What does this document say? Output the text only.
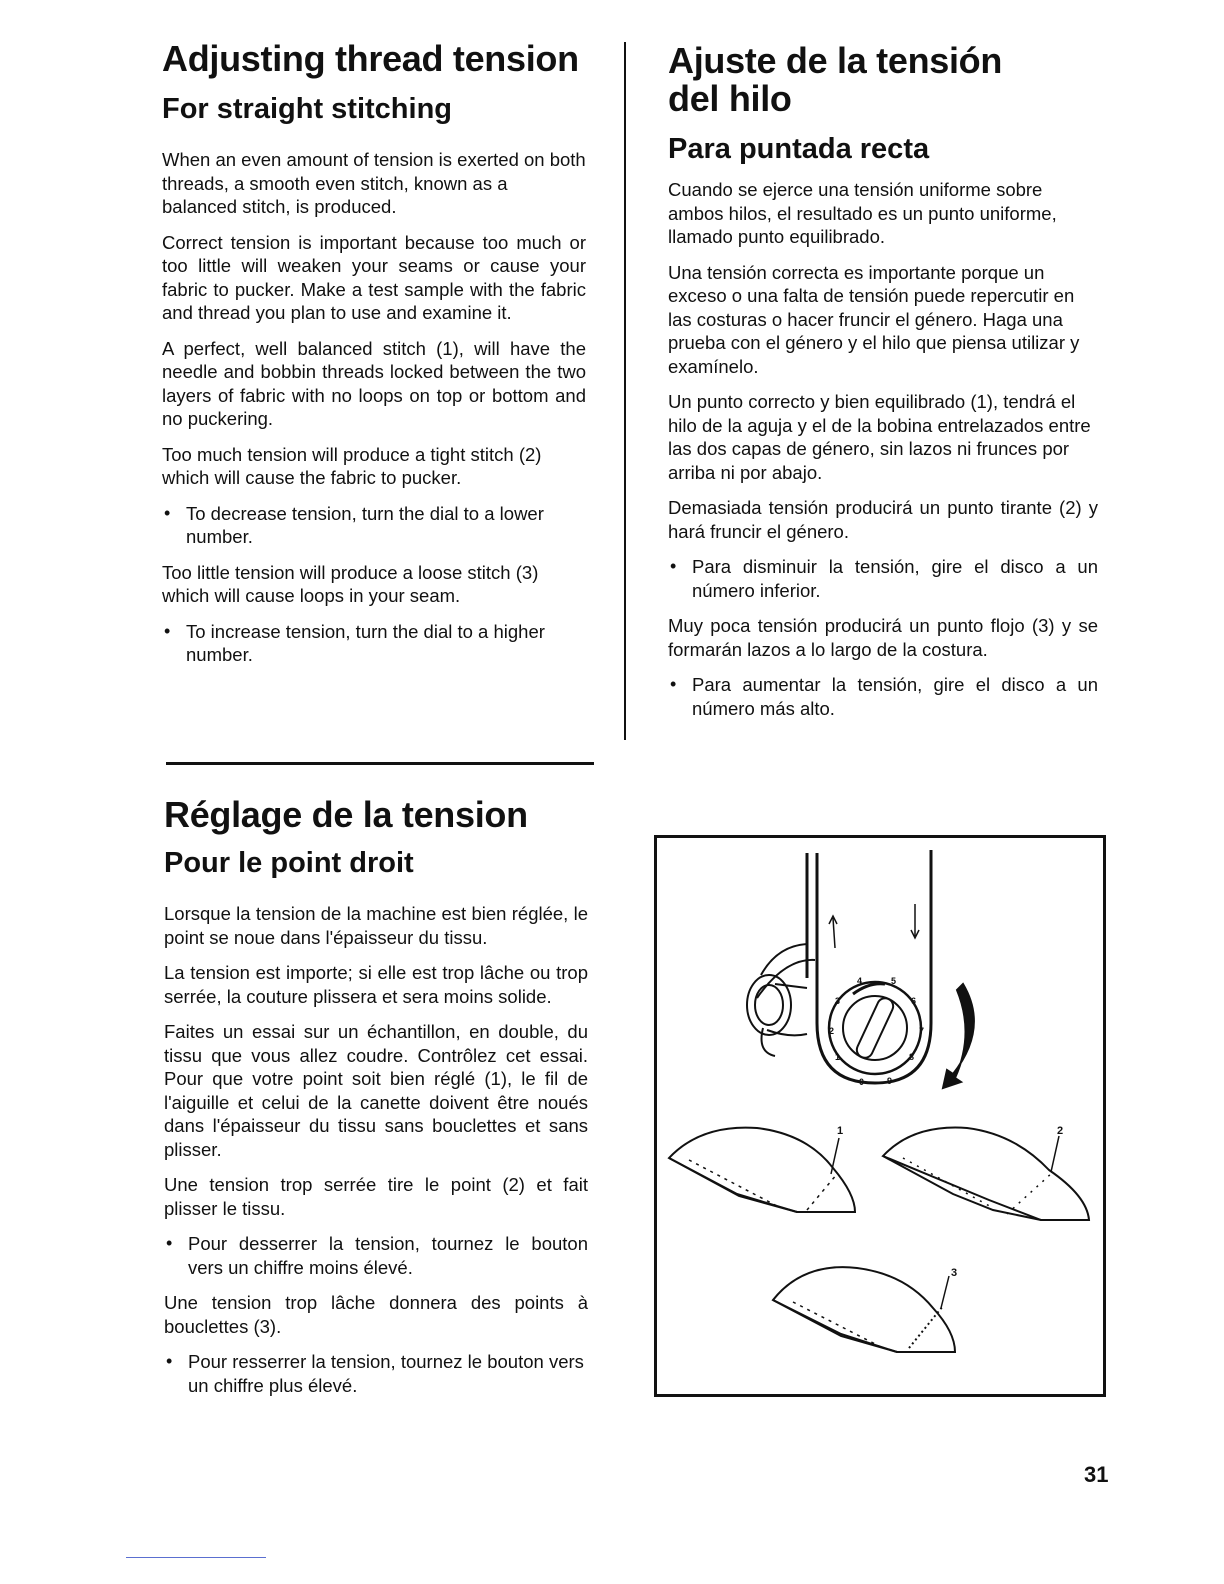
Adjusting thread tension
For straight stitching

When an even amount of tension is exerted on both threads, a smooth even stitch, known as a balanced stitch, is produced.

Correct tension is important because too much or too little will weaken your seams or cause your fabric to pucker. Make a test sample with the fabric and thread you plan to use and examine it.

A perfect, well balanced stitch (1), will have the needle and bobbin threads locked between the two layers of fabric with no loops on top or bottom and no puckering.

Too much tension will produce a tight stitch (2) which will cause the fabric to pucker.

• To decrease tension, turn the dial to a lower number.

Too little tension will produce a loose stitch (3) which will cause loops in your seam.

• To increase tension, turn the dial to a higher number.
Ajuste de la tensión
del hilo
Para puntada recta

Cuando se ejerce una tensión uniforme sobre ambos hilos, el resultado es un punto uniforme, llamado punto equilibrado.

Una tensión correcta es importante porque un exceso o una falta de tensión puede repercutir en las costuras o hacer fruncir el género. Haga una prueba con el género y el hilo que piensa utilizar y examínelo.

Un punto correcto y bien equilibrado (1), tendrá el hilo de la aguja y el de la bobina entrelazados entre las dos capas de género, sin lazos ni frunces por arriba ni por abajo.

Demasiada tensión producirá un punto tirante (2) y hará fruncir el género.

• Para disminuir la tensión, gire el disco a un número inferior.

Muy poca tensión producirá un punto flojo (3) y se formarán lazos a lo largo de la costura.

• Para aumentar la tensión, gire el disco a un número más alto.
Réglage de la tension
Pour le point droit

Lorsque la tension de la machine est bien réglée, le point se noue dans l'épaisseur du tissu.

La tension est importe; si elle est trop lâche ou trop serrée, la couture plissera et sera moins solide.

Faites un essai sur un échantillon, en double, du tissu que vous allez coudre. Contrôlez cet essai. Pour que votre point soit bien réglé (1), le fil de l'aiguille et celui de la canette doivent être noués dans l'épaisseur du tissu sans bouclettes et sans plisser.

Une tension trop serrée tire le point (2) et fait plisser le tissu.

• Pour desserrer la tension, tournez le bouton vers un chiffre moins élevé.

Une tension trop lâche donnera des points à bouclettes (3).

• Pour resserrer la tension, tournez le bouton vers un chiffre plus élevé.
0
1
2
3
4	5
6
7
8
9
1	2
3
31
